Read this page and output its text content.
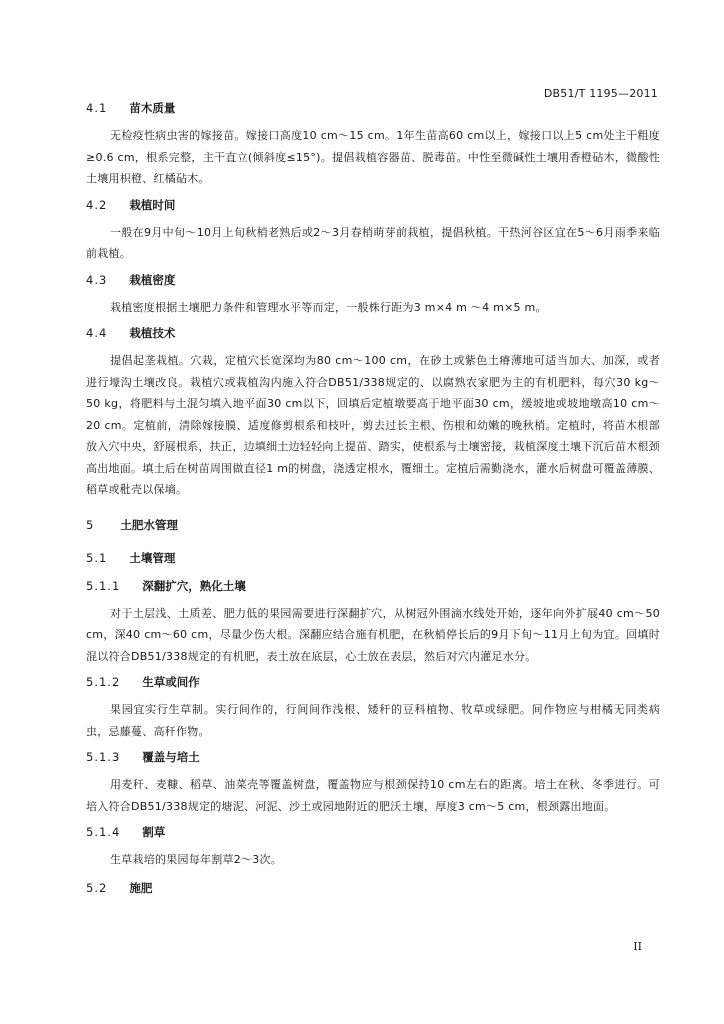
DB51/T 1195—2011
4.1 苗木质量

无检疫性病虫害的嫁接苗。嫁接口高度10 cm～15 cm。1年生苗高60 cm以上，嫁接口以上5 cm处主干粗度≥0.6 cm，根系完整，主干直立(倾斜度≤15°)。提倡栽植容器苗、脱毒苗。中性至微碱性土壤用香橙砧木，微酸性土壤用枳橙、红橘砧木。

4.2 栽植时间

一般在9月中旬～10月上旬秋梢老熟后或2～3月春梢萌芽前栽植，提倡秋植。干热河谷区宜在5～6月雨季来临前栽植。

4.3 栽植密度

栽植密度根据土壤肥力条件和管理水平等而定，一般株行距为3 m×4 m ～4 m×5 m。

4.4 栽植技术

提倡起垄栽植。穴栽，定植穴长宽深均为80 cm～100 cm，在砂土或紫色土瘠薄地可适当加大、加深，或者进行壕沟土壤改良。栽植穴或栽植沟内施入符合DB51/338规定的、以腐熟农家肥为主的有机肥料，每穴30 kg～50 kg，将肥料与土混匀填入地平面30 cm以下，回填后定植墩要高于地平面30 cm，缓坡地或坡地墩高10 cm～ 20 cm。定植前，清除嫁接膜、适度修剪根系和枝叶，剪去过长主根、伤根和幼嫩的晚秋梢。定植时，将苗木根部放入穴中央，舒展根系，扶正，边填细土边轻轻向上提苗、踏实，使根系与土壤密接，栽植深度土壤下沉后苗木根颈高出地面。填土后在树苗周围做直径1 m的树盘，浇透定根水，覆细土。定植后需勤浇水，灌水后树盘可覆盖薄膜、稻草或秕壳以保墒。

5 土肥水管理
5.1 土壤管理
5.1.1 深翻扩穴，熟化土壤

对于土层浅、土质差、肥力低的果园需要进行深翻扩穴，从树冠外围滴水线处开始，逐年向外扩展40 cm～50 cm，深40 cm～60 cm，尽量少伤大根。深翻应结合施有机肥，在秋梢停长后的9月下旬～11月上旬为宜。回填时混以符合DB51/338规定的有机肥，表土放在底层，心土放在表层，然后对穴内灌足水分。

5.1.2 生草或间作

果园宜实行生草制。实行间作的，行间间作浅根、矮秆的豆科植物、牧草或绿肥。间作物应与柑橘无同类病虫，忌藤蔓、高秆作物。

5.1.3 覆盖与培土

用麦秆、麦糠、稻草、油菜壳等覆盖树盘，覆盖物应与根颈保持10 cm左右的距离。培土在秋、冬季进行。可培入符合DB51/338规定的塘泥、河泥、沙土或园地附近的肥沃土壤，厚度3 cm～5 cm，根颈露出地面。

5.1.4 割草

生草栽培的果园每年割草2～3次。

5.2 施肥
II
